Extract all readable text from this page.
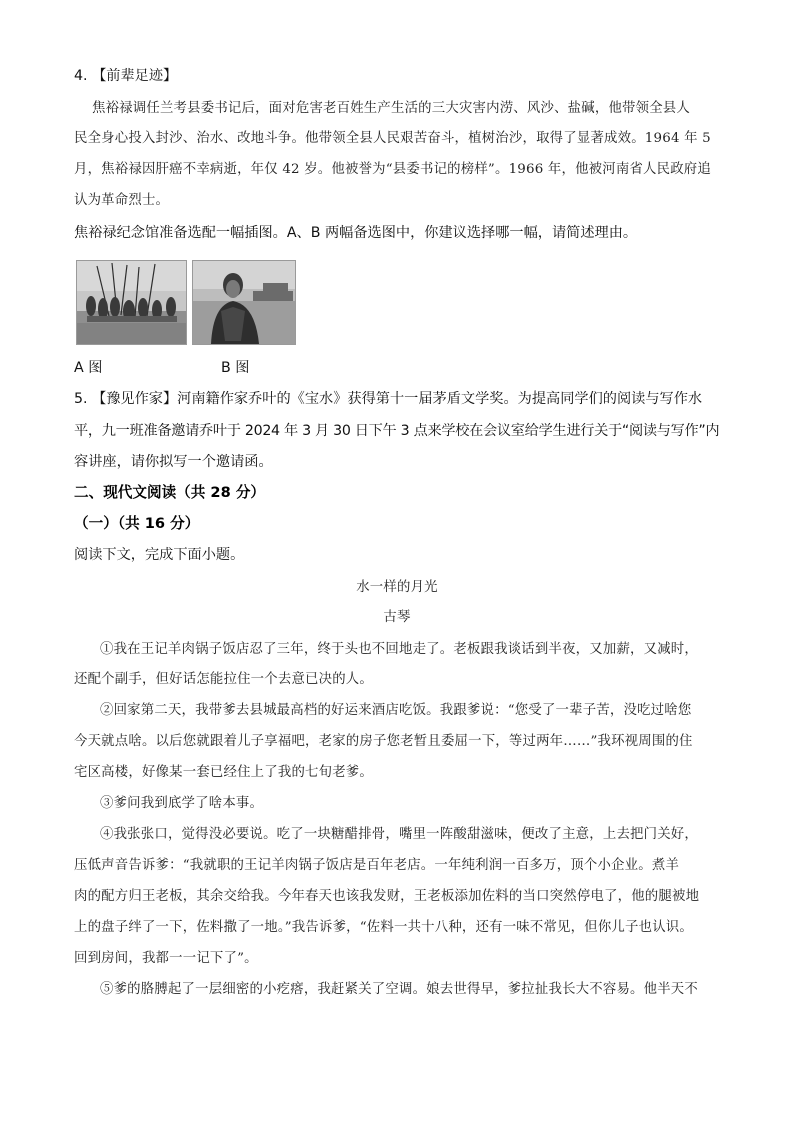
4. 【前辈足迹】
焦裕禄调任兰考县委书记后，面对危害老百姓生产生活的三大灾害内涝、风沙、盐碱，他带领全县人
民全身心投入封沙、治水、改地斗争。他带领全县人民艰苦奋斗，植树治沙，取得了显著成效。1964 年 5
月，焦裕禄因肝癌不幸病逝，年仅 42 岁。他被誉为“县委书记的榜样”。1966 年，他被河南省人民政府追
认为革命烈士。
焦裕禄纪念馆准备选配一幅插图。A、B 两幅备选图中，你建议选择哪一幅，请简述理由。
A 图	B 图
5. 【豫见作家】河南籍作家乔叶的《宝水》获得第十一届茅盾文学奖。为提高同学们的阅读与写作水
平，九一班准备邀请乔叶于 2024 年 3 月 30 日下午 3 点来学校在会议室给学生进行关于“阅读与写作”内
容讲座，请你拟写一个邀请函。
二、现代文阅读（共 28 分）
（一）（共 16 分）
阅读下文，完成下面小题。
水一样的月光
古琴
①我在王记羊肉锅子饭店忍了三年，终于头也不回地走了。老板跟我谈话到半夜，又加薪，又减时，
还配个副手，但好话怎能拉住一个去意已决的人。
②回家第二天，我带爹去县城最高档的好运来酒店吃饭。我跟爹说：“您受了一辈子苦，没吃过啥您
今天就点啥。以后您就跟着儿子享福吧，老家的房子您老暂且委屈一下，等过两年……”我环视周围的住
宅区高楼，好像某一套已经住上了我的七旬老爹。
③爹问我到底学了啥本事。
④我张张口，觉得没必要说。吃了一块糖醋排骨，嘴里一阵酸甜滋味，便改了主意，上去把门关好，
压低声音告诉爹：“我就职的王记羊肉锅子饭店是百年老店。一年纯利润一百多万，顶个小企业。煮羊
肉的配方归王老板，其余交给我。今年春天也该我发财，王老板添加佐料的当口突然停电了，他的腿被地
上的盘子绊了一下，佐料撒了一地。”我告诉爹，“佐料一共十八种，还有一味不常见，但你儿子也认识。
回到房间，我都一一记下了”。
⑤爹的胳膊起了一层细密的小疙瘩，我赶紧关了空调。娘去世得早，爹拉扯我长大不容易。他半天不
